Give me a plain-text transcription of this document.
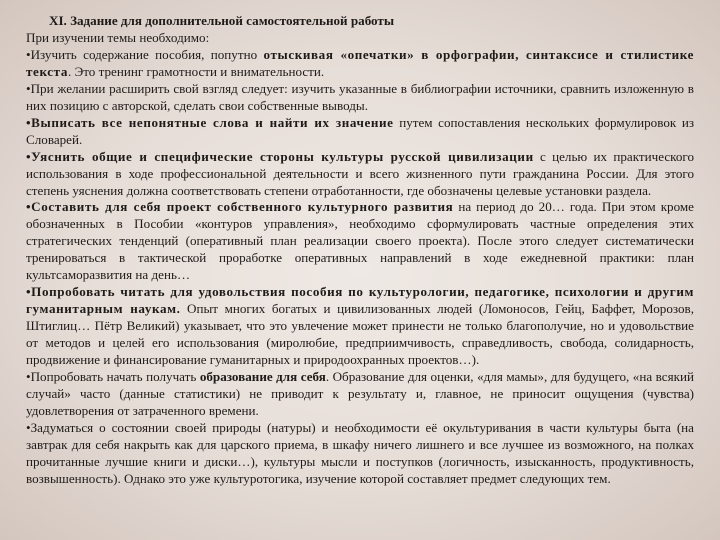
XI. Задание для дополнительной самостоятельной работы
При изучении темы необходимо:
•Изучить содержание пособия, попутно отыскивая «опечатки» в орфографии, синтаксисе и стилистике текста. Это тренинг грамотности и внимательности.
•При желании расширить свой взгляд следует: изучить указанные в библиографии источники, сравнить изложенную в них позицию с авторской, сделать свои собственные выводы.
•Выписать все непонятные слова и найти их значение путем сопоставления нескольких формулировок из Словарей.
•Уяснить общие и специфические стороны культуры русской цивилизации с целью их практического использования в ходе профессиональной деятельности и всего жизненного пути гражданина России. Для этого степень уяснения должна соответствовать степени отработанности, где обозначены целевые установки раздела.
•Составить для себя проект собственного культурного развития на период до 20… года. При этом кроме обозначенных в Пособии «контуров управления», необходимо сформулировать частные определения этих стратегических тенденций (оперативный план реализации своего проекта). После этого следует систематически тренироваться в тактической проработке оперативных направлений в ходе ежедневной практики: план культсаморазвития на день…
•Попробовать читать для удовольствия пособия по культурологии, педагогике, психологии и другим гуманитарным наукам. Опыт многих богатых и цивилизованных людей (Ломоносов, Гейц, Баффет, Морозов, Штиглиц… Пётр Великий) указывает, что это увлечение может принести не только благополучие, но и удовольствие от методов и целей его использования (миролюбие, предприимчивость, справедливость, свобода, солидарность, продвижение и финансирование гуманитарных и природоохранных проектов…).
•Попробовать начать получать образование для себя. Образование для оценки, «для мамы», для будущего, «на всякий случай» часто (данные статистики) не приводит к результату и, главное, не приносит ощущения (чувства) удовлетворения от затраченного времени.
•Задуматься о состоянии своей природы (натуры) и необходимости её окультуривания в части культуры быта (на завтрак для себя накрыть как для царского приема, в шкафу ничего лишнего и все лучшее из возможного, на полках прочитанные лучшие книги и диски…), культуры мысли и поступков (логичность, изысканность, продуктивность, возвышенность). Однако это уже культуротогика, изучение которой составляет предмет следующих тем.
